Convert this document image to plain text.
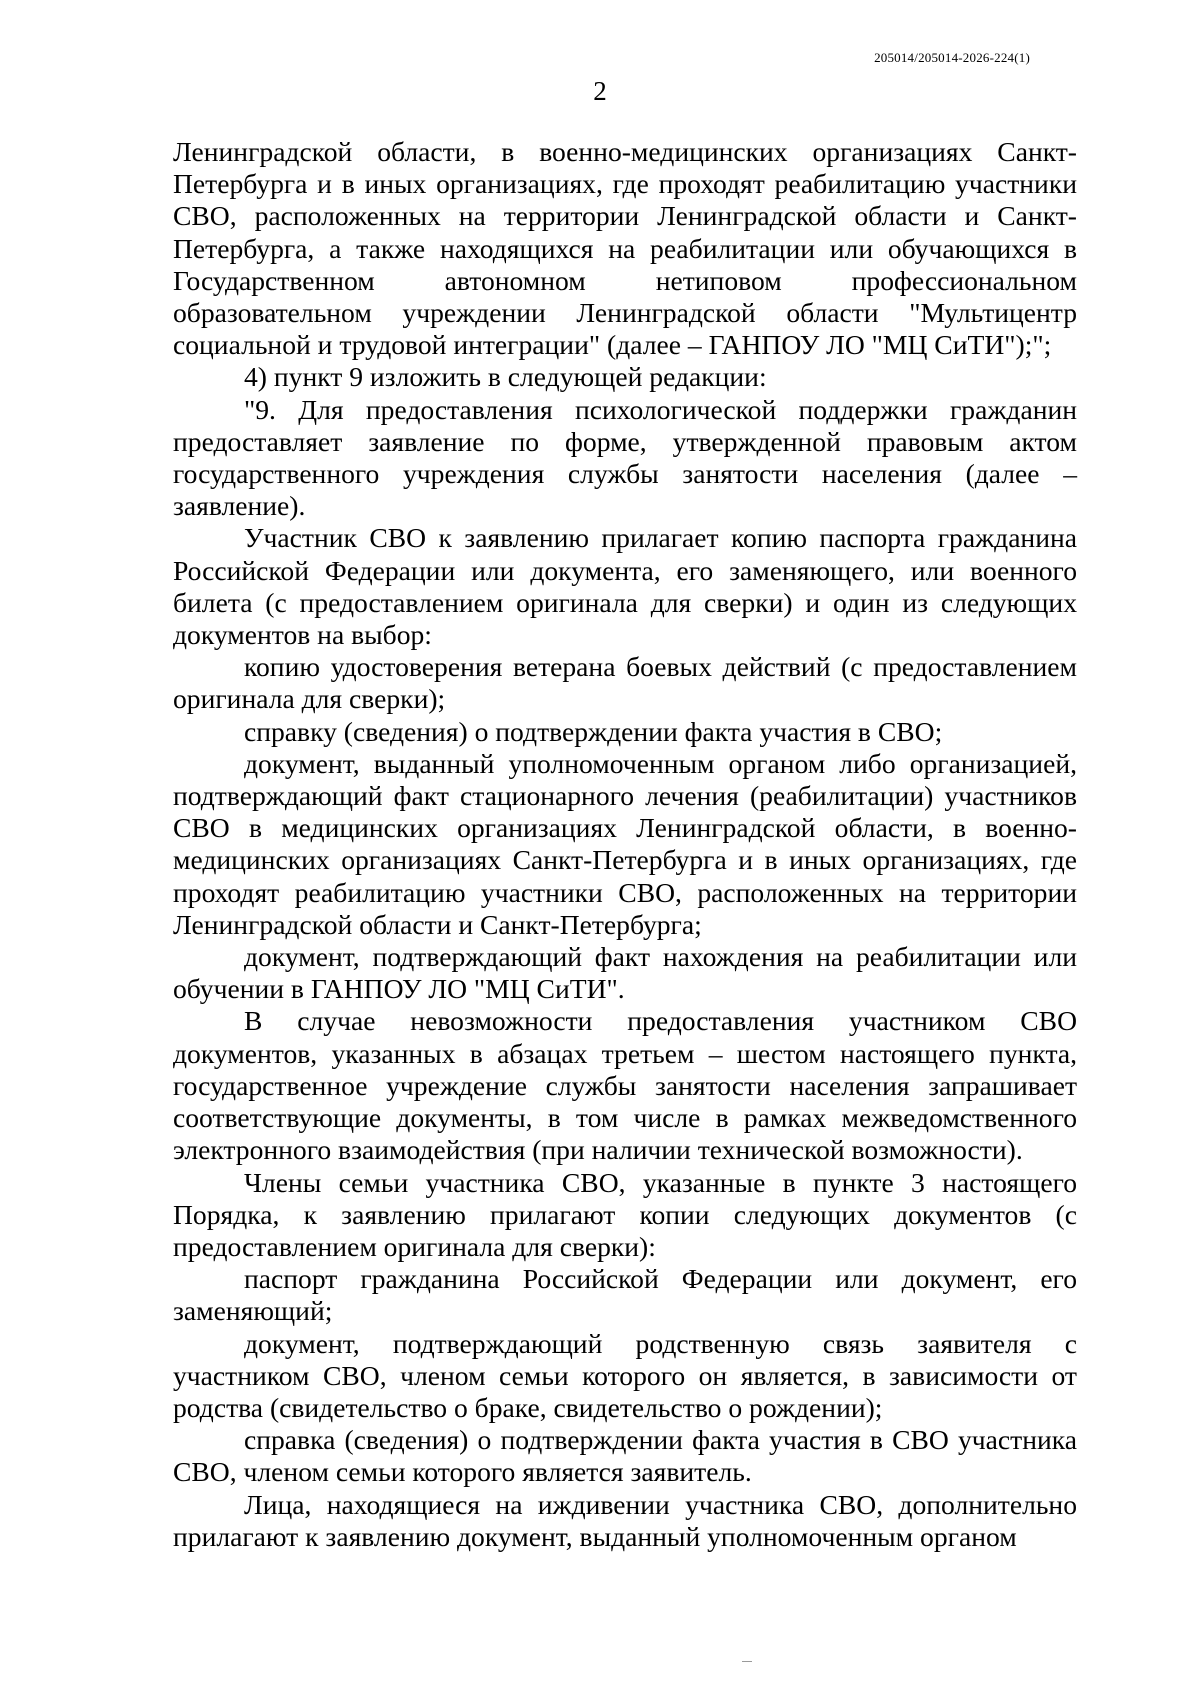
205014/205014-2026-224(1)
2

Ленинградской области, в военно-медицинских организациях Санкт-Петербурга и в иных организациях, где проходят реабилитацию участники СВО, расположенных на территории Ленинградской области и Санкт-Петербурга, а также находящихся на реабилитации или обучающихся в Государственном автономном нетиповом профессиональном образовательном учреждении Ленинградской области "Мультицентр социальной и трудовой интеграции" (далее – ГАНПОУ ЛО "МЦ СиТИ");";

4) пункт 9 изложить в следующей редакции:

"9. Для предоставления психологической поддержки гражданин предоставляет заявление по форме, утвержденной правовым актом государственного учреждения службы занятости населения (далее – заявление).

Участник СВО к заявлению прилагает копию паспорта гражданина Российской Федерации или документа, его заменяющего, или военного билета (с предоставлением оригинала для сверки) и один из следующих документов на выбор:

копию удостоверения ветерана боевых действий (с предоставлением оригинала для сверки);

справку (сведения) о подтверждении факта участия в СВО;

документ, выданный уполномоченным органом либо организацией, подтверждающий факт стационарного лечения (реабилитации) участников СВО в медицинских организациях Ленинградской области, в военно-медицинских организациях Санкт-Петербурга и в иных организациях, где проходят реабилитацию участники СВО, расположенных на территории Ленинградской области и Санкт-Петербурга;

документ, подтверждающий факт нахождения на реабилитации или обучении в ГАНПОУ ЛО "МЦ СиТИ".

В случае невозможности предоставления участником СВО документов, указанных в абзацах третьем – шестом настоящего пункта, государственное учреждение службы занятости населения запрашивает соответствующие документы, в том числе в рамках межведомственного электронного взаимодействия (при наличии технической возможности).

Члены семьи участника СВО, указанные в пункте 3 настоящего Порядка, к заявлению прилагают копии следующих документов (с предоставлением оригинала для сверки):

паспорт гражданина Российской Федерации или документ, его заменяющий;

документ, подтверждающий родственную связь заявителя с участником СВО, членом семьи которого он является, в зависимости от родства (свидетельство о браке, свидетельство о рождении);

справка (сведения) о подтверждении факта участия в СВО участника СВО, членом семьи которого является заявитель.

Лица, находящиеся на иждивении участника СВО, дополнительно прилагают к заявлению документ, выданный уполномоченным органом
